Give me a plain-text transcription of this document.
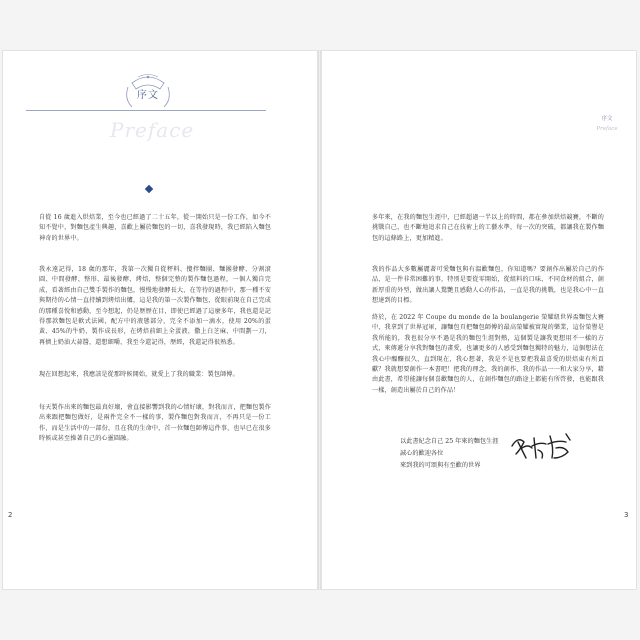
序文
Preface

自從 16 歲進入烘焙業，至今也已經過了二十五年，從一開始只是一份工作，如今不知不覺中，對麵包產生興趣，喜歡上屬於麵包的一切，喜我發現時，我已經陷入麵包神奇的世界中。

我永遠記得，18 歲的那年，我第一次獨自從秤料、攪拌麵團、麵團發酵、分割滾圓、中間發酵、整形、最後發酵、烤焙，整個完整的製作麵包過程，一個人獨自完成，看著經由自己雙手製作的麵包，慢慢地發酵長大，在等待的過程中，那一種不安與期待的心情一直持續到烤焙出爐，這是我的第一次製作麵包，從眼前現在自己完成的那種喜悅和感動，至今想起，仍是歷歷在目，即使已經過了這麼多年，我也還是記得那款麵包是軟式法國，配方中的液態部分，完全不添加一滴水，使用 20%的蛋黃、45%的牛奶，製作成長形，在烤焙前細上全蛋液，撒上白芝麻，中間劃一刀，再擠上奶油大蒜醬，還想細嚼，我至今還記得，歷經，我還記得很熟悉。

現在回想起來，我應該是從那時候開始，就愛上了我的職業：製包師傅。

每天製作出來的麵包最真好壞，會直接影響到我的心情好壞，對我而言，把麵包製作出來跟把麵包做好，是兩件完全不一樣的事，製作麵包對我而言，不再只是一份工作，而是生活中的一部份，且在我的生命中，首一位麵包師傅這件事，也早已在很多時候或甚至操著自己的心靈圓融。

2
序文
Preface

多年來，在我的麵包生涯中，已經超過一半以上的時間，都在參加烘焙競賽，不斷的挑戰自己，也不斷地追求自己在技術上的工藝水準，每一次的突破，都讓我在製作麵包的這條路上，更加精進。

我的作品大多數屬麗著可愛麵包與有溫歡麵包，你知道嗎？要創作出屬於自己的作品，是一件非常困難的事，特別是要從零開始，從組料的口味、不同食材的組合，創新厚重的外型，做出讓人驚艷且感動人心的作品，一直是我的挑戰，也是我心中一直想達到的目標。

終於，在 2022 年 Coupe du monde de la boulangerie 榮耀紐世界盃麵包大賽中，我拿到了世界冠軍，讓麵包頁把麵包師傅的最高榮耀被實現的樂業，這份榮譽是我所能的，我也很分享不過是我的麵包生涯對熱，這個製是讓我更想用不一樣的方式，來傳遞分享我對麵包的畫愛，也讓更多的人感受到麵包獨特的魅力，這個想法在我心中醞釀很久，直到現在，我心想著，我是不是也要把我最喜愛的烘焙東有所貢獻？我就想要創作一本書吧！把我的理念，我的創作，我的作品一一和大家分享，藉由此書，希望能讓每個喜歡麵包的人，在創作麵包的路途上都能有所啓發，也能跟我一樣，創造出屬於自己的作品！

以此書紀念自己 25 年來的麵包生涯
誠心的歡迎各位
來到我的可頌與有至歡的世界
3
